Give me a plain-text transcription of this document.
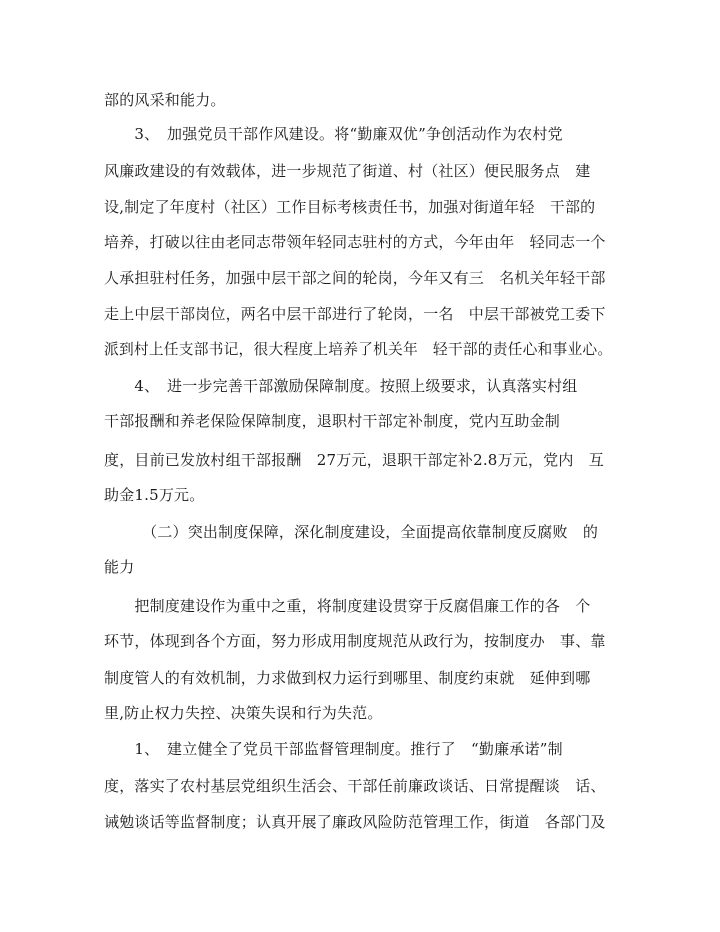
部的风采和能力。
　　3、　加强党员干部作风建设。将“勤廉双优”争创活动作为农村党
风廉政建设的有效载体，进一步规范了街道、村（社区）便民服务点　建
设,制定了年度村（社区）工作目标考核责任书，加强对街道年轻　干部的
培养，打破以往由老同志带领年轻同志驻村的方式，今年由年　轻同志一个
人承担驻村任务，加强中层干部之间的轮岗，今年又有三　名机关年轻干部
走上中层干部岗位，两名中层干部进行了轮岗，一名　中层干部被党工委下
派到村上任支部书记，很大程度上培养了机关年　轻干部的责任心和事业心。
　　4、　进一步完善干部激励保障制度。按照上级要求，认真落实村组
干部报酬和养老保险保障制度，退职村干部定补制度，党内互助金制
度，目前已发放村组干部报酬　27万元，退职干部定补2.8万元，党内　互
助金1.5万元。
　　　（二）突出制度保障，深化制度建设，全面提高依靠制度反腐败　的
能力
　　把制度建设作为重中之重，将制度建设贯穿于反腐倡廉工作的各　个
环节，体现到各个方面，努力形成用制度规范从政行为，按制度办　事、靠
制度管人的有效机制，力求做到权力运行到哪里、制度约束就　延伸到哪
里,防止权力失控、决策失误和行为失范。
　　1、　建立健全了党员干部监督管理制度。推行了　“勤廉承诺”制
度，落实了农村基层党组织生活会、干部任前廉政谈话、日常提醒谈　话、
诫勉谈话等监督制度；认真开展了廉政风险防范管理工作，街道　各部门及
